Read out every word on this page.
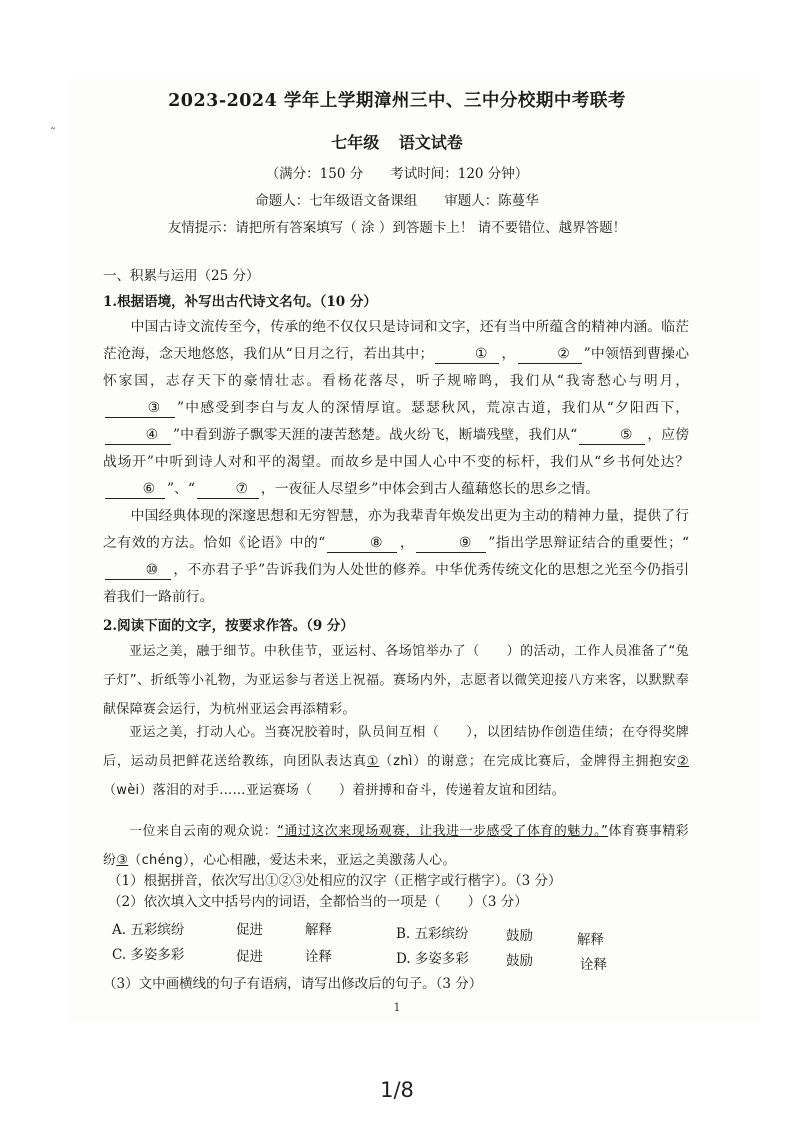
˜
2023-2024 学年上学期漳州三中、三中分校期中考联考
七年级 语文试卷
（满分：150 分　　考试时间：120 分钟）
命题人：七年级语文备课组　　审题人：陈蔓华
友情提示：请把所有答案填写（ 涂 ）到答题卡上！ 请不要错位、越界答题！
一、积累与运用（25 分）
1.根据语境，补写出古代诗文名句。（10 分）
中国古诗文流传至今，传承的绝不仅仅只是诗词和文字，还有当中所蕴含的精神内涵。临茫茫沧海，念天地悠悠，我们从“日月之行，若出其中；	① ，	② ”中领悟到曹操心怀家国，志存天下的豪情壮志。看杨花落尽，听子规啼鸣，我们从“我寄愁心与明月，③ ”中感受到李白与友人的深情厚谊。瑟瑟秋风，荒凉古道，我们从“夕阳西下，④ ”中看到游子飘零天涯的凄苦愁楚。战火纷飞，断墙残壁，我们从“	⑤ ，应傍战场开”中听到诗人对和平的渴望。而故乡是中国人心中不变的标杆，我们从“乡书何处达？⑥ ”、“	⑦ ，一夜征人尽望乡”中体会到古人蕴藉悠长的思乡之情。
中国经典体现的深邃思想和无穷智慧，亦为我辈青年焕发出更为主动的精神力量，提供了行之有效的方法。恰如《论语》中的“	⑧ ，	⑨ ”指出学思辩证结合的重要性；“⑩ ，不亦君子乎”告诉我们为人处世的修养。中华优秀传统文化的思想之光至今仍指引着我们一路前行。
2.阅读下面的文字，按要求作答。（9 分）
亚运之美，融于细节。中秋佳节，亚运村、各场馆举办了（　　）的活动，工作人员准备了“兔子灯”、折纸等小礼物，为亚运参与者送上祝福。赛场内外，志愿者以微笑迎接八方来客，以默默奉献保障赛会运行，为杭州亚运会再添精彩。
亚运之美，打动人心。当赛况胶着时，队员间互相（　　），以团结协作创造佳绩；在夺得奖牌后，运动员把鲜花送给教练，向团队表达真①（zhì）的谢意；在完成比赛后，金牌得主拥抱安②（wèi）落泪的对手……亚运赛场（　　）着拼搏和奋斗，传递着友谊和团结。
一位来自云南的观众说：“通过这次来现场观赛，让我进一步感受了体育的魅力。”体育赛事精彩纷③（chéng），心心相融，爱达未来，亚运之美激荡人心。
（1）根据拼音，依次写出①②③处相应的汉字（正楷字或行楷字）。（3 分）
（2）依次填入文中括号内的词语，全都恰当的一项是（　　）（3 分）
A. 五彩缤纷	促进	解释	B. 五彩缤纷	鼓励	解释
C. 多姿多彩	促进	诠释	D. 多姿多彩	鼓励	诠释
（3）文中画横线的句子有语病，请写出修改后的句子。（3 分）
1
1/8
